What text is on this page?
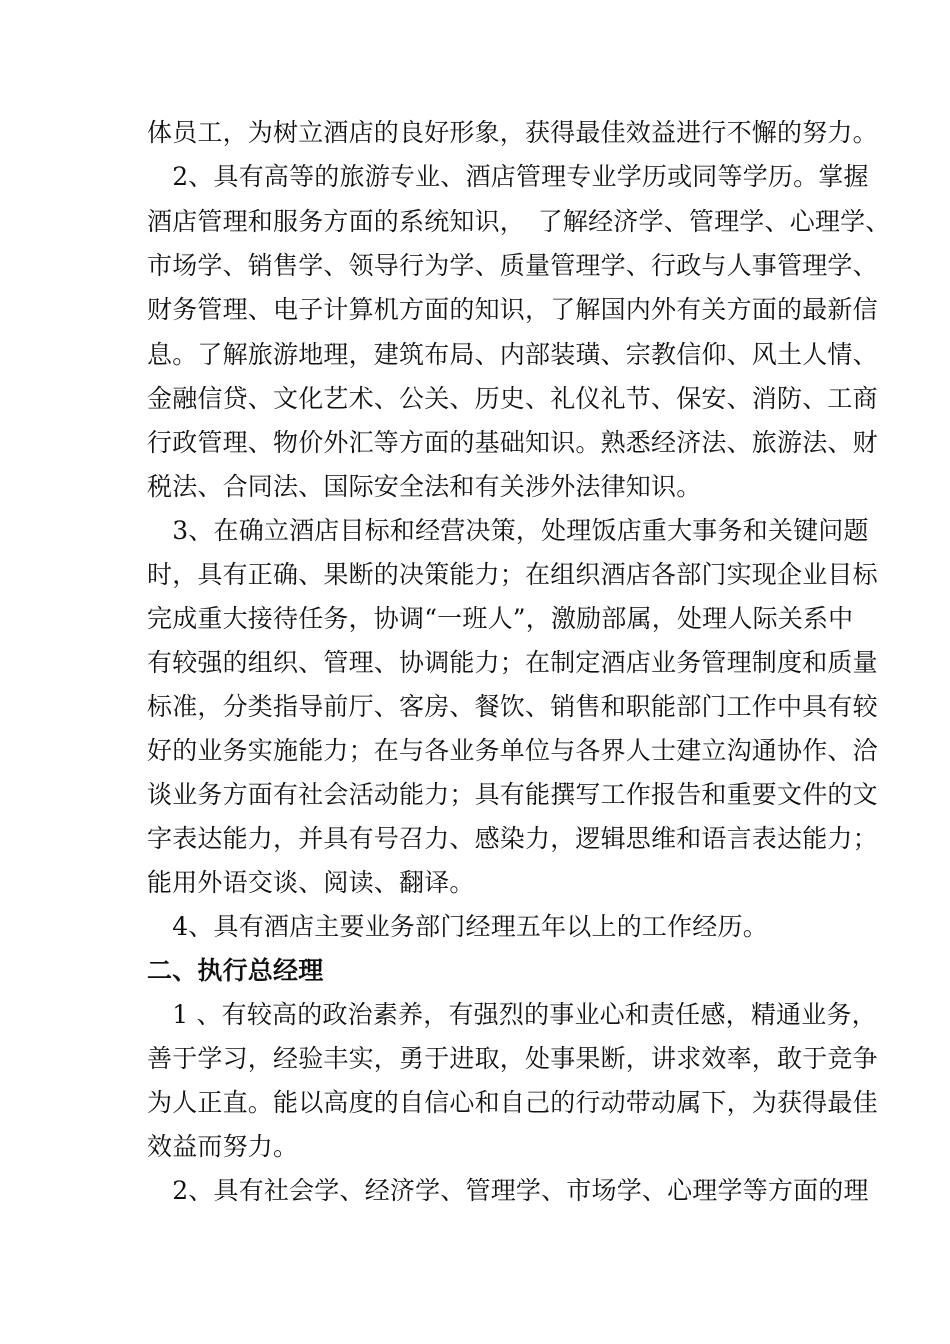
体员工，为树立酒店的良好形象，获得最佳效益进行不懈的努力。
　2、具有高等的旅游专业、酒店管理专业学历或同等学历。掌握
酒店管理和服务方面的系统知识，　了解经济学、管理学、心理学、
市场学、销售学、领导行为学、质量管理学、行政与人事管理学、
财务管理、电子计算机方面的知识，了解国内外有关方面的最新信
息。了解旅游地理，建筑布局、内部装璜、宗教信仰、风土人情、
金融信贷、文化艺术、公关、历史、礼仪礼节、保安、消防、工商
行政管理、物价外汇等方面的基础知识。熟悉经济法、旅游法、财
税法、合同法、国际安全法和有关涉外法律知识。
　3、在确立酒店目标和经营决策，处理饭店重大事务和关键问题
时，具有正确、果断的决策能力；在组织酒店各部门实现企业目标
完成重大接待任务，协调“一班人”，激励部属，处理人际关系中
有较强的组织、管理、协调能力；在制定酒店业务管理制度和质量
标准，分类指导前厅、客房、餐饮、销售和职能部门工作中具有较
好的业务实施能力；在与各业务单位与各界人士建立沟通协作、洽
谈业务方面有社会活动能力；具有能撰写工作报告和重要文件的文
字表达能力，并具有号召力、感染力，逻辑思维和语言表达能力；
能用外语交谈、阅读、翻译。
　4、具有酒店主要业务部门经理五年以上的工作经历。
二、执行总经理
　1 、有较高的政治素养，有强烈的事业心和责任感，精通业务，
善于学习，经验丰实，勇于进取，处事果断，讲求效率，敢于竞争
为人正直。能以高度的自信心和自己的行动带动属下，为获得最佳
效益而努力。
　2、具有社会学、经济学、管理学、市场学、心理学等方面的理
